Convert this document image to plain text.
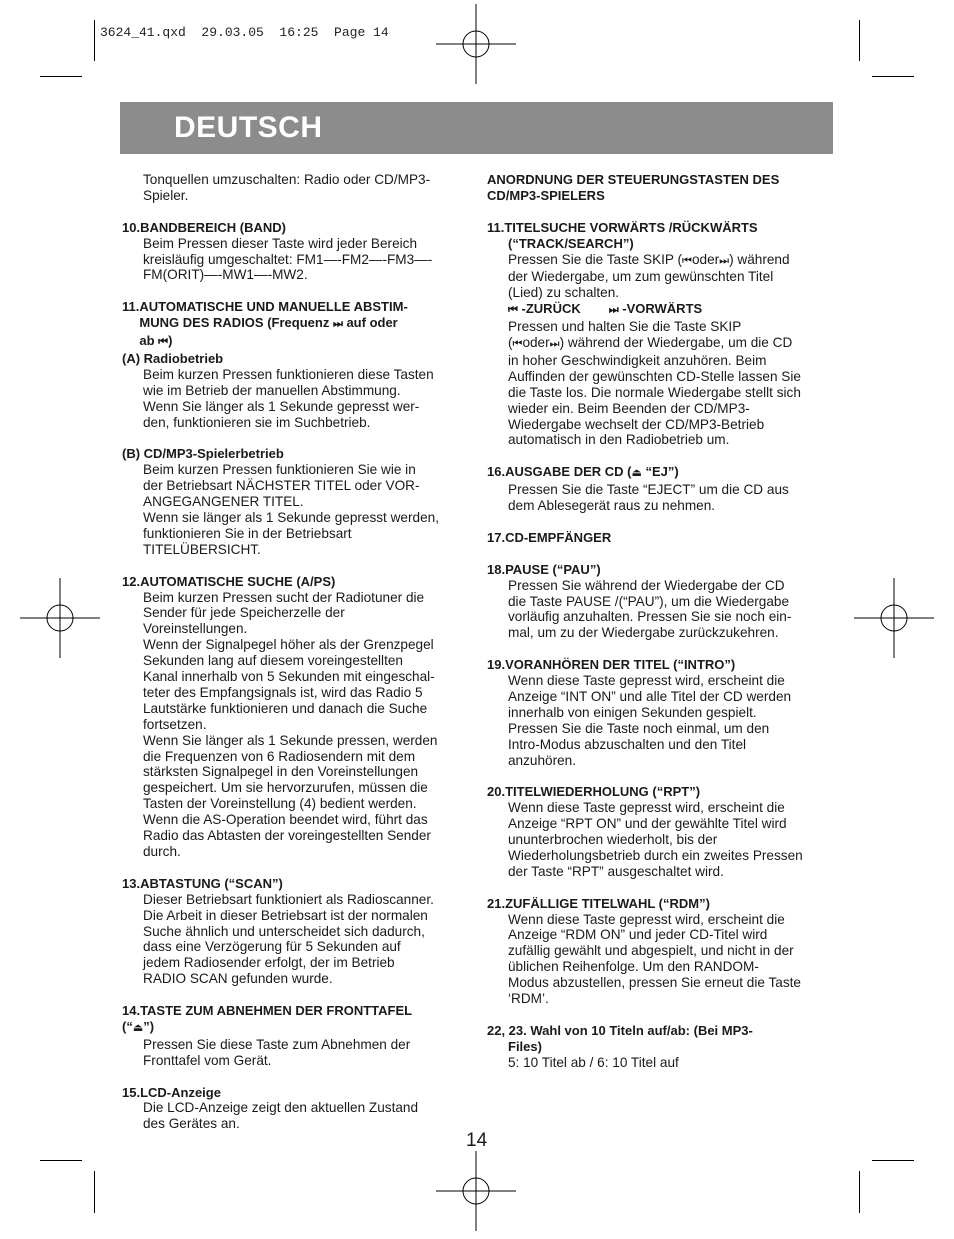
3624_41.qxd  29.03.05  16:25  Page 14
DEUTSCH
Tonquellen umzuschalten: Radio oder CD/MP3-
Spieler.
10.BANDBEREICH (BAND)
Beim Pressen dieser Taste wird jeder Bereich
kreisläufig umgeschaltet: FM1—-FM2—-FM3—-
FM(ORIT)—-MW1—-MW2.
11. AUTOMATISCHE UND MANUELLE ABSTIM-
MUNG DES RADIOS (Frequenz ⏭ auf oder
ab ⏮)
(A) Radiobetrieb
Beim kurzen Pressen funktionieren diese Tasten
wie im Betrieb der manuellen Abstimmung.
Wenn Sie länger als 1 Sekunde gepresst wer-
den, funktionieren sie im Suchbetrieb.
(B) CD/MP3-Spielerbetrieb
Beim kurzen Pressen funktionieren Sie wie in
der Betriebsart NÄCHSTER TITEL oder VOR-
ANGEGANGENER TITEL.
Wenn sie länger als 1 Sekunde gepresst werden,
funktionieren Sie in der Betriebsart
TITELÜBERSICHT.
12.AUTOMATISCHE SUCHE (A/PS)
Beim kurzen Pressen sucht der Radiotuner die
Sender für jede Speicherzelle der
Voreinstellungen.
Wenn der Signalpegel höher als der Grenzpegel
Sekunden lang auf diesem voreingestellten
Kanal innerhalb von 5 Sekunden mit eingeschal-
teter des Empfangsignals ist, wird das Radio 5
Lautstärke funktionieren und danach die Suche
fortsetzen.
Wenn Sie länger als 1 Sekunde pressen, werden
die Frequenzen von 6 Radiosendern mit dem
stärksten Signalpegel in den Voreinstellungen
gespeichert. Um sie hervorzurufen, müssen die
Tasten der Voreinstellung (4) bedient werden.
Wenn die AS-Operation beendet wird, führt das
Radio das Abtasten der voreingestellten Sender
durch.
13.ABTASTUNG (“SCAN”)
Dieser Betriebsart funktioniert als Radioscanner.
Die Arbeit in dieser Betriebsart ist der normalen
Suche ähnlich und unterscheidet sich dadurch,
dass eine Verzögerung für 5 Sekunden auf
jedem Radiosender erfolgt, der im Betrieb
RADIO SCAN gefunden wurde.
14.TASTE ZUM ABNEHMEN DER FRONTTAFEL
(“⏏”)
Pressen Sie diese Taste zum Abnehmen der
Fronttafel vom Gerät.
15.LCD-Anzeige
Die LCD-Anzeige zeigt den aktuellen Zustand
des Gerätes an.
ANORDNUNG DER STEUERUNGSTASTEN DES
CD/MP3-SPIELERS
11.TITELSUCHE VORWÄRTS /RÜCKWÄRTS
(“TRACK/SEARCH”)
Pressen Sie die Taste SKIP (⏮oder⏭) während
der Wiedergabe, um zum gewünschten Titel
(Lied) zu schalten.
⏮ -ZURÜCK	⏭ -VORWÄRTS
Pressen und halten Sie die Taste SKIP
(⏮oder⏭) während der Wiedergabe, um die CD
in hoher Geschwindigkeit anzuhören. Beim
Auffinden der gewünschten CD-Stelle lassen Sie
die Taste los. Die normale Wiedergabe stellt sich
wieder ein. Beim Beenden der CD/MP3-
Wiedergabe wechselt der CD/MP3-Betrieb
automatisch in den Radiobetrieb um.
16.AUSGABE DER CD (⏏ “EJ”)
Pressen Sie die Taste “EJECT” um die CD aus
dem Ablesegerät raus zu nehmen.
17.CD-EMPFÄNGER
18.PAUSE (“PAU”)
Pressen Sie während der Wiedergabe der CD
die Taste PAUSE /(“PAU”), um die Wiedergabe
vorläufig anzuhalten. Pressen Sie sie noch ein-
mal, um zu der Wiedergabe zurückzukehren.
19.VORANHÖREN DER TITEL (“INTRO”)
Wenn diese Taste gepresst wird, erscheint die
Anzeige “INT ON” und alle Titel der CD werden
innerhalb von einigen Sekunden gespielt.
Pressen Sie die Taste noch einmal, um den
Intro-Modus abzuschalten und den Titel
anzuhören.
20.TITELWIEDERHOLUNG (“RPT”)
Wenn diese Taste gepresst wird, erscheint die
Anzeige “RPT ON” und der gewählte Titel wird
ununterbrochen wiederholt, bis der
Wiederholungsbetrieb durch ein zweites Pressen
der Taste “RPT” ausgeschaltet wird.
21.ZUFÄLLIGE TITELWAHL (“RDM”)
Wenn diese Taste gepresst wird, erscheint die
Anzeige “RDM ON” und jeder CD-Titel wird
zufällig gewählt und abgespielt, und nicht in der
üblichen Reihenfolge. Um den RANDOM-
Modus abzustellen, pressen Sie erneut die Taste
‘RDM’.
22, 23. Wahl von 10 Titeln auf/ab: (Bei MP3-
Files)
5: 10 Titel ab / 6: 10 Titel auf
14
